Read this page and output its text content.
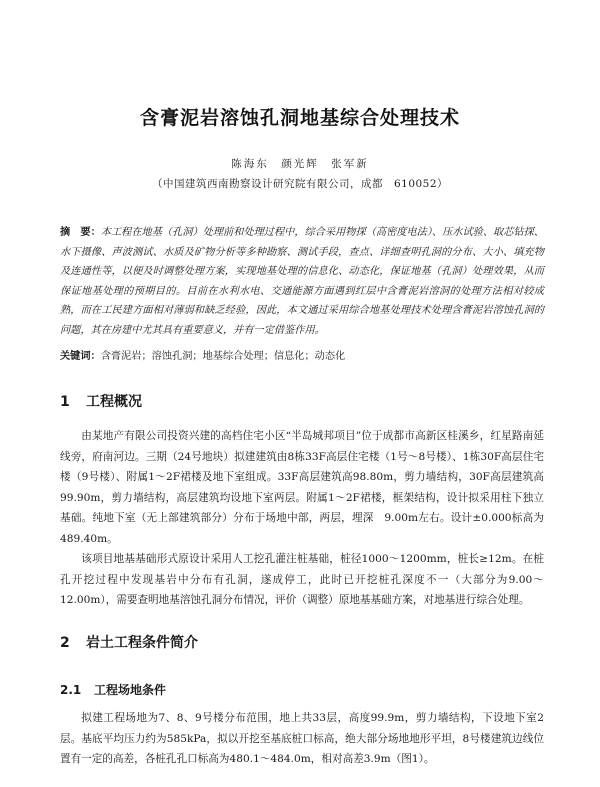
含膏泥岩溶蚀孔洞地基综合处理技术
陈海东　颜光辉　张军新
（中国建筑西南勘察设计研究院有限公司，成都　610052）
摘　要：本工程在地基（孔洞）处理前和处理过程中，综合采用物探（高密度电法）、压水试验、取芯钻探、水下摄像、声波测试、水质及矿物分析等多种勘察、测试手段，查点、详细查明孔洞的分布、大小、填充物及连通性等，以便及时调整处理方案，实现地基处理的信息化、动态化，保证地基（孔洞）处理效果，从而保证地基处理的预期目的。目前在水利水电、交通能源方面遇到红层中含膏泥岩溶洞的处理方法相对较成熟，而在工民建方面相对薄弱和缺乏经验，因此，本文通过采用综合地基处理技术处理含膏泥岩溶蚀孔洞的问题，其在房建中尤其具有重要意义，并有一定借鉴作用。
关键词：含膏泥岩；溶蚀孔洞；地基综合处理；信息化；动态化
1 工程概况

由某地产有限公司投资兴建的高档住宅小区“半岛城邦项目”位于成都市高新区桂溪乡，红星路南延线旁，府南河边。三期（24号地块）拟建建筑由8栋33F高层住宅楼（1号～8号楼）、1栋30F高层住宅楼（9号楼）、附属1～2F裙楼及地下室组成。33F高层建筑高98.80m，剪力墙结构，30F高层建筑高99.90m，剪力墙结构，高层建筑均设地下室两层。附属1～2F裙楼，框架结构，设计拟采用柱下独立基础。纯地下室（无上部建筑部分）分布于场地中部，两层，埋深　9.00m左右。设计±0.000标高为489.40m。

该项目地基基础形式原设计采用人工挖孔灌注桩基础，桩径1000～1200mm，桩长≥12m。在桩孔开挖过程中发现基岩中分布有孔洞，遂成停工，此时已开挖桩孔深度不一（大部分为9.00～12.00m），需要查明地基溶蚀孔洞分布情况，评价（调整）原地基基础方案，对地基进行综合处理。

2 岩土工程条件简介
2.1 工程场地条件

拟建工程场地为7、8、9号楼分布范围，地上共33层，高度99.9m，剪力墙结构，下设地下室2层。基底平均压力约为585kPa，拟以开挖至基底桩口标高，绝大部分场地地形平坦，8号楼建筑边线位置有一定的高差，各桩孔孔口标高为480.1～484.0m，相对高差3.9m（图1）。
